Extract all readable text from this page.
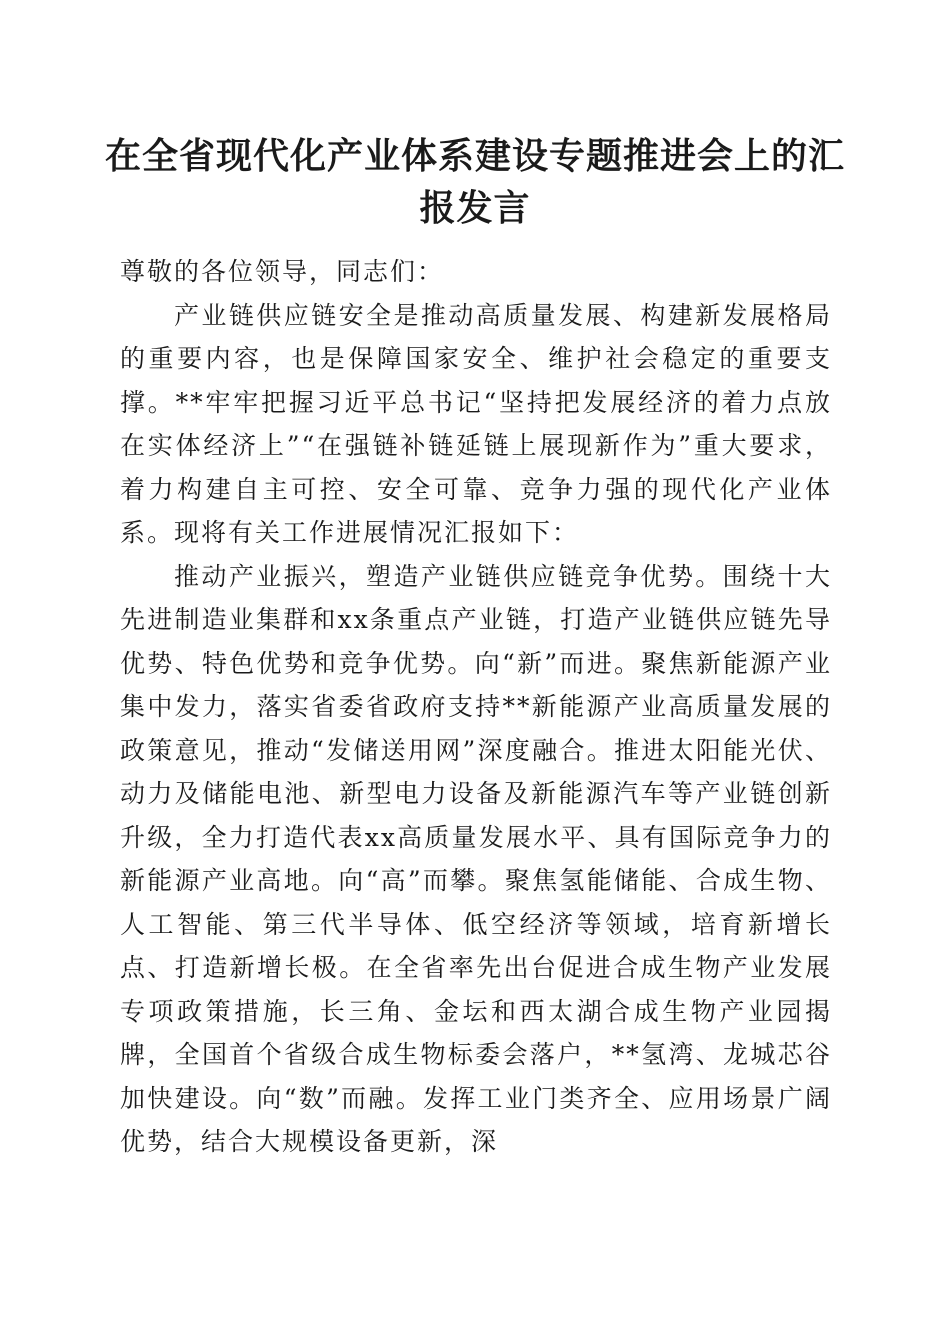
在全省现代化产业体系建设专题推进会上的汇报发言

尊敬的各位领导，同志们：

产业链供应链安全是推动高质量发展、构建新发展格局的重要内容，也是保障国家安全、维护社会稳定的重要支撑。**牢牢把握习近平总书记“坚持把发展经济的着力点放在实体经济上”“在强链补链延链上展现新作为”重大要求，着力构建自主可控、安全可靠、竞争力强的现代化产业体系。现将有关工作进展情况汇报如下：

推动产业振兴，塑造产业链供应链竞争优势。围绕十大先进制造业集群和xx条重点产业链，打造产业链供应链先导优势、特色优势和竞争优势。向“新”而进。聚焦新能源产业集中发力，落实省委省政府支持**新能源产业高质量发展的政策意见，推动“发储送用网”深度融合。推进太阳能光伏、动力及储能电池、新型电力设备及新能源汽车等产业链创新升级，全力打造代表xx高质量发展水平、具有国际竞争力的新能源产业高地。向“高”而攀。聚焦氢能储能、合成生物、人工智能、第三代半导体、低空经济等领域，培育新增长点、打造新增长极。在全省率先出台促进合成生物产业发展专项政策措施，长三角、金坛和西太湖合成生物产业园揭牌，全国首个省级合成生物标委会落户，**氢湾、龙城芯谷加快建设。向“数”而融。发挥工业门类齐全、应用场景广阔优势，结合大规模设备更新，深
